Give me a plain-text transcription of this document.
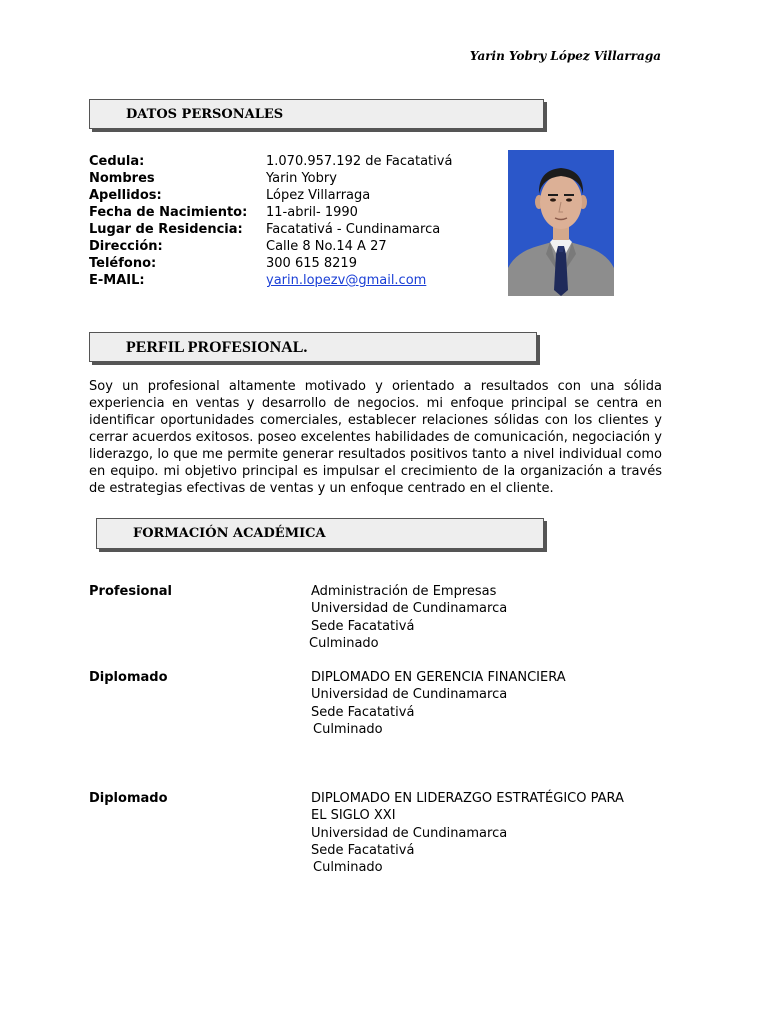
Yarin Yobry López Villarraga
DATOS PERSONALES
Cedula:	1.070.957.192 de Facatativá
Nombres	Yarin Yobry
Apellidos:	López Villarraga
Fecha de Nacimiento:	11-abril- 1990
Lugar de Residencia:	Facatativá - Cundinamarca
Dirección:	Calle 8 No.14 A 27
Teléfono:	300 615 8219
E-MAIL:	yarin.lopezv@gmail.com
PERFIL PROFESIONAL.

Soy un profesional altamente motivado y orientado a resultados con una sólida experiencia en ventas y desarrollo de negocios. mi enfoque principal se centra en identificar oportunidades comerciales, establecer relaciones sólidas con los clientes y cerrar acuerdos exitosos. poseo excelentes habilidades de comunicación, negociación y liderazgo, lo que me permite generar resultados positivos tanto a nivel individual como en equipo. mi objetivo principal es impulsar el crecimiento de la organización a través de estrategias efectivas de ventas y un enfoque centrado en el cliente.

FORMACIÓN ACADÉMICA
Profesional	Administración de Empresas
Universidad de Cundinamarca
Sede Facatativá
Culminado
Diplomado	DIPLOMADO EN GERENCIA FINANCIERA
Universidad de Cundinamarca
Sede Facatativá
Culminado
Diplomado	DIPLOMADO EN LIDERAZGO ESTRATÉGICO PARA EL SIGLO XXI
Universidad de Cundinamarca
Sede Facatativá
Culminado
